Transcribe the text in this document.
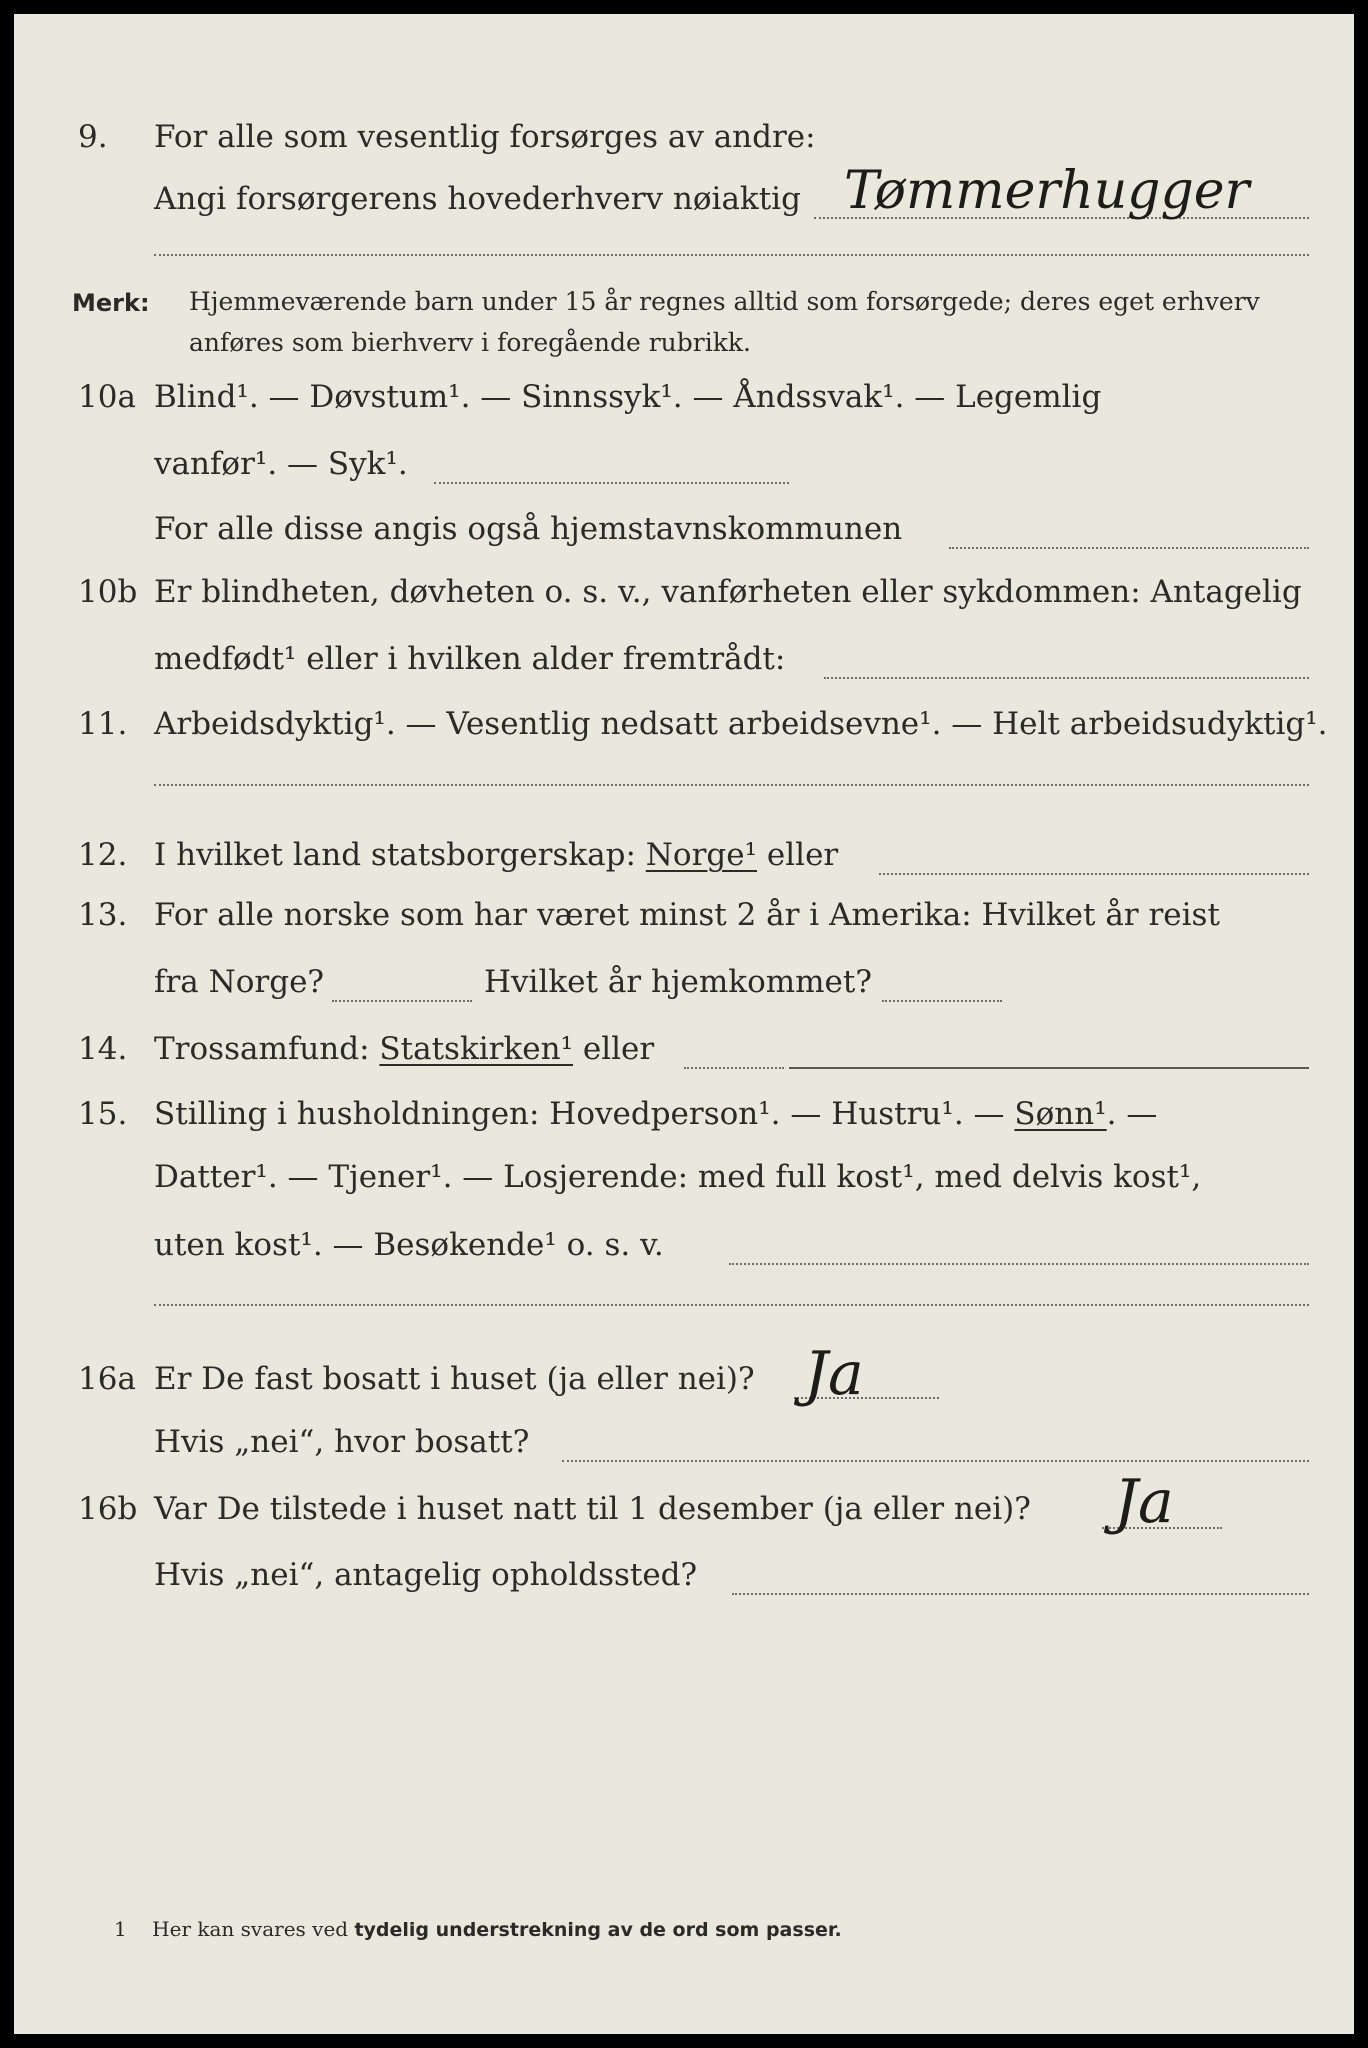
9. For alle som vesentlig forsørges av andre:
Angi forsørgerens hovederhverv nøiaktig Tømmerhugger
Merk: Hjemmeværende barn under 15 år regnes alltid som forsørgede; deres eget erhverv
anføres som bierhverv i foregående rubrikk.
10a Blind¹. — Døvstum¹. — Sinnssyk¹. — Åndssvak¹. — Legemlig
vanfør¹. — Syk¹.
For alle disse angis også hjemstavnskommunen
10b Er blindheten, døvheten o. s. v., vanførheten eller sykdommen: Antagelig
medfødt¹ eller i hvilken alder fremtrådt:
11. Arbeidsdyktig¹. — Vesentlig nedsatt arbeidsevne¹. — Helt arbeidsudyktig¹.
12. I hvilket land statsborgerskap: Norge¹ eller
13. For alle norske som har været minst 2 år i Amerika: Hvilket år reist
fra Norge?	Hvilket år hjemkommet?
14. Trossamfund: Statskirken¹ eller
15. Stilling i husholdningen: Hovedperson¹. — Hustru¹. — Sønn¹. —
Datter¹. — Tjener¹. — Losjerende: med full kost¹, med delvis kost¹,
uten kost¹. — Besøkende¹ o. s. v.
16a Er De fast bosatt i huset (ja eller nei)? Ja
Hvis „nei“, hvor bosatt?
16b Var De tilstede i huset natt til 1 desember (ja eller nei)? Ja
Hvis „nei“, antagelig opholdssted?
1 Her kan svares ved tydelig understrekning av de ord som passer.
